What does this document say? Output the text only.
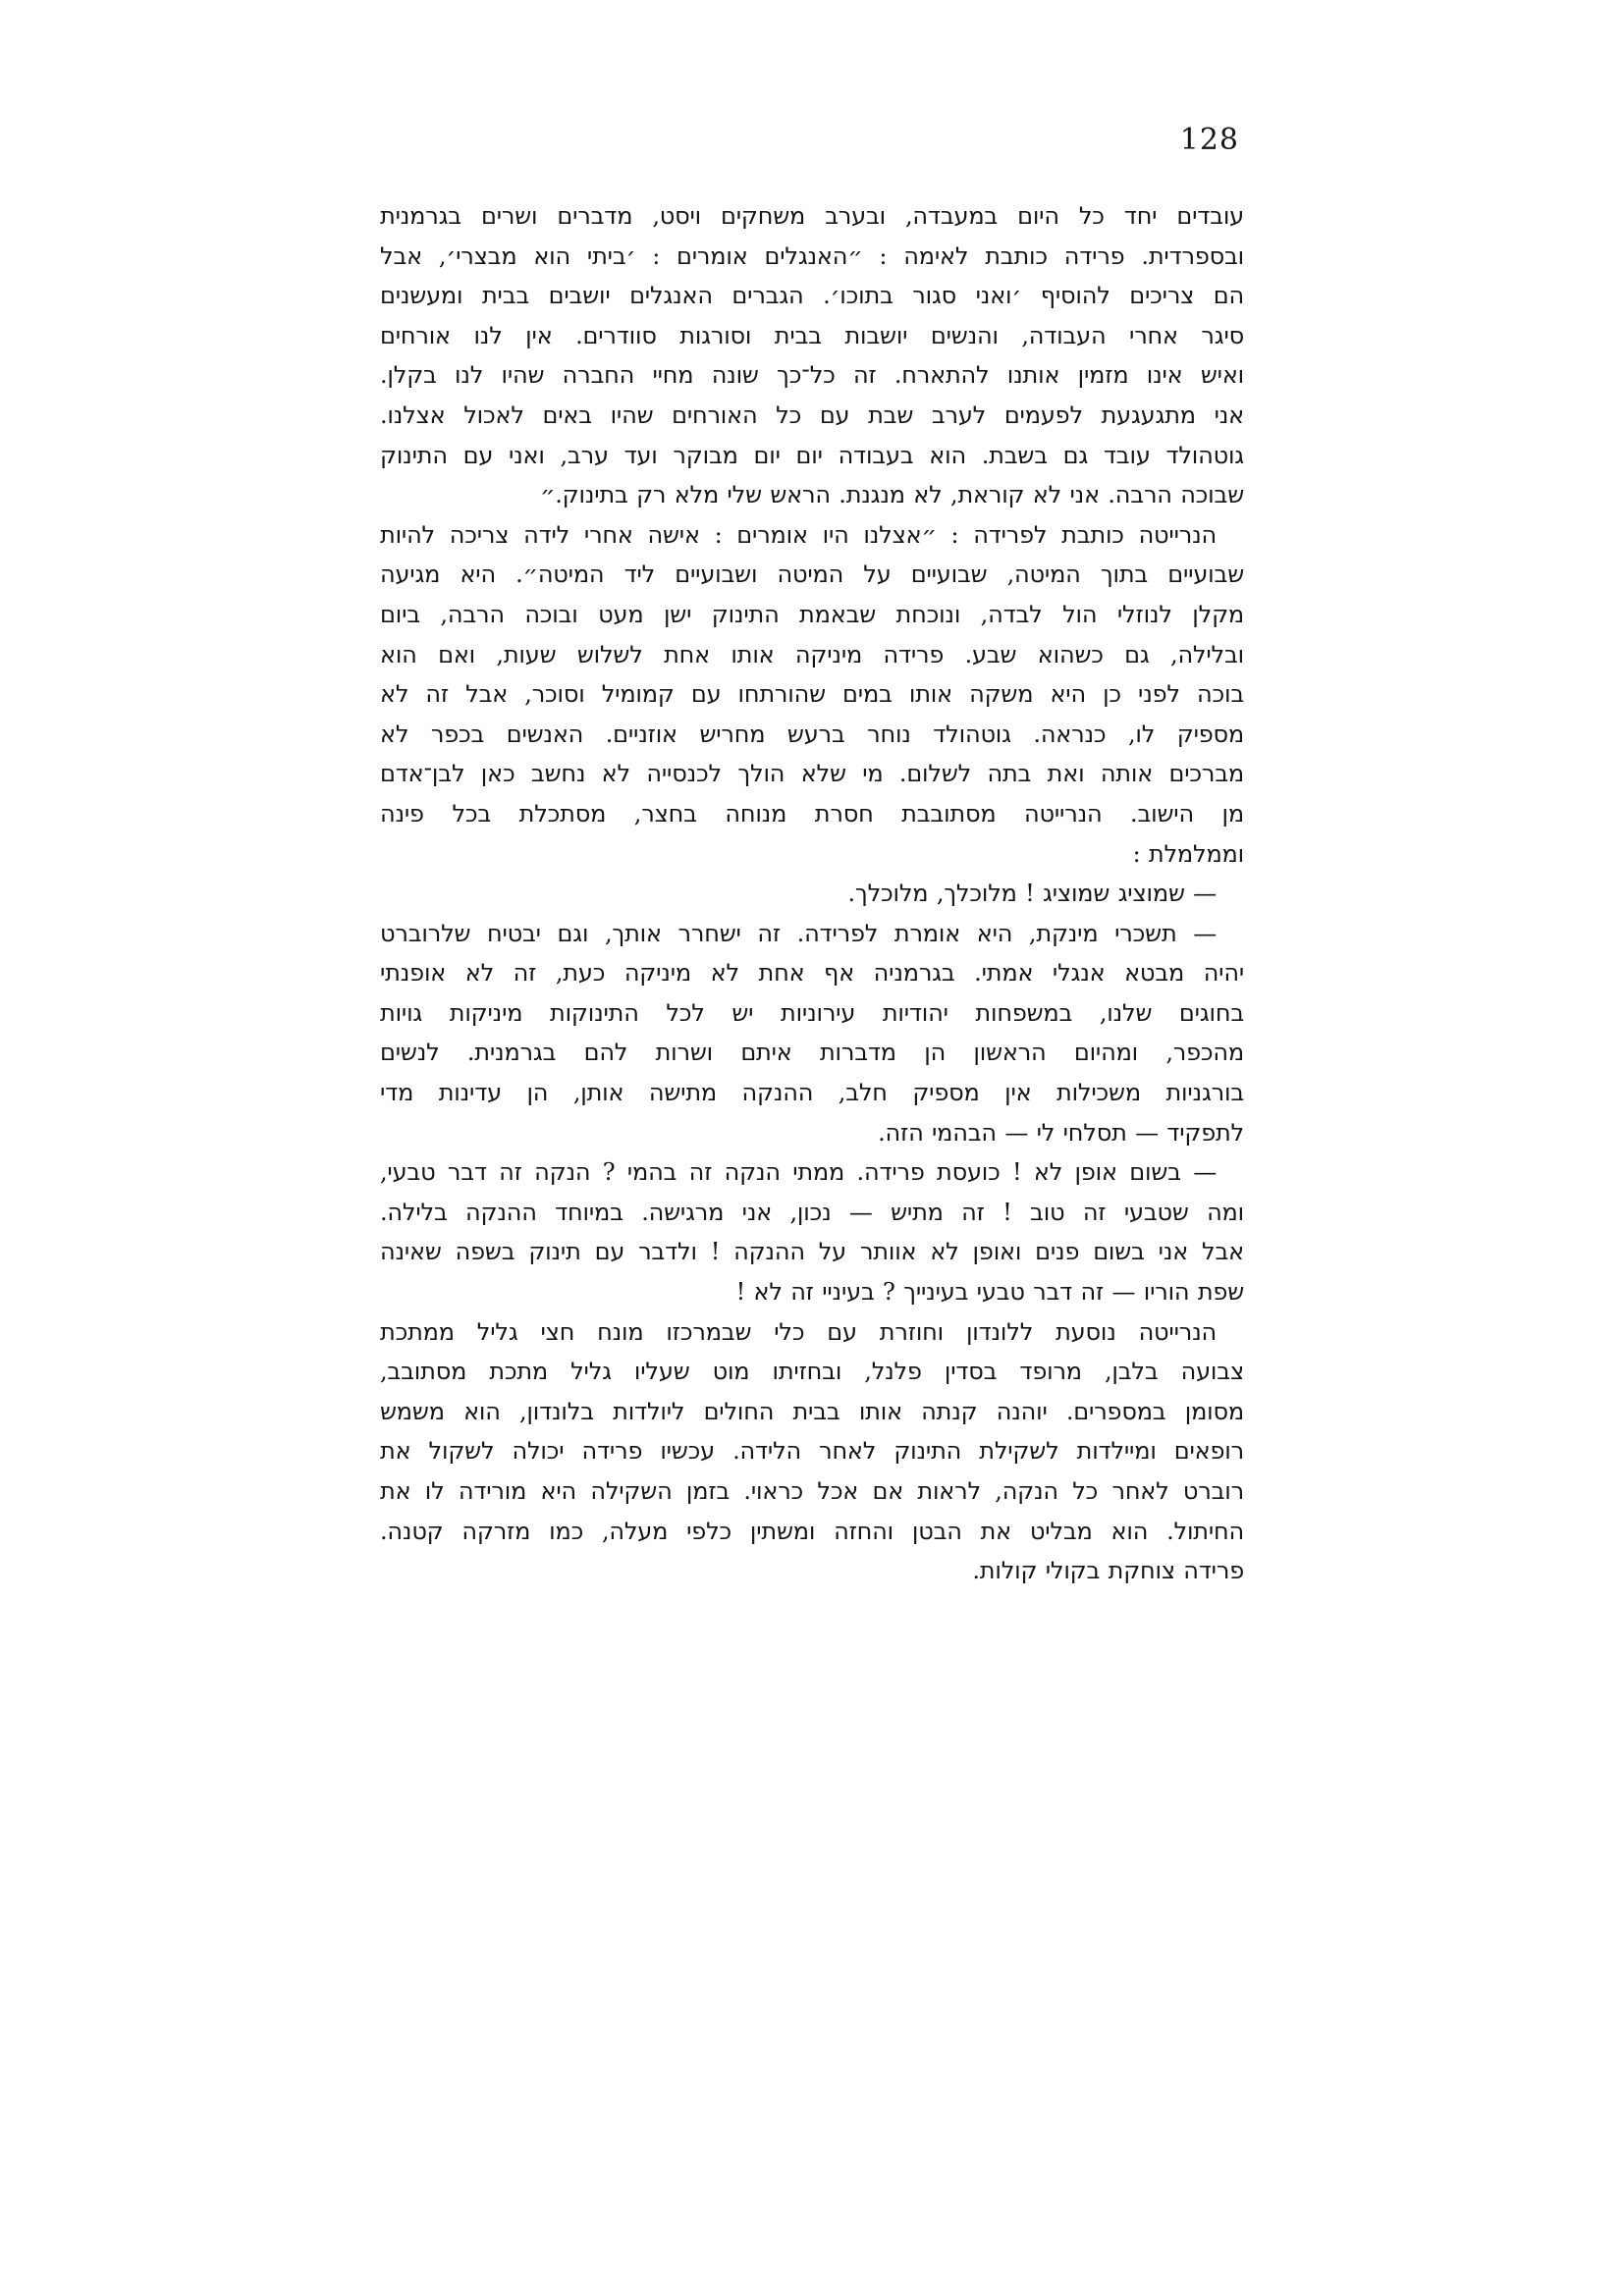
128
עובדים יחד כל היום במעבדה, ובערב משחקים ויסט, מדברים ושרים בגרמנית
ובספרדית. פרידה כותבת לאימה : ״האנגלים אומרים : ׳ביתי הוא מבצרי׳, אבל
הם צריכים להוסיף ׳ואני סגור בתוכו׳. הגברים האנגלים יושבים בבית ומעשנים
סיגר אחרי העבודה, והנשים יושבות בבית וסורגות סוודרים. אין לנו אורחים
ואיש אינו מזמין אותנו להתארח. זה כל־כך שונה מחיי החברה שהיו לנו בקלן.
אני מתגעגעת לפעמים לערב שבת עם כל האורחים שהיו באים לאכול אצלנו.
גוטהולד עובד גם בשבת. הוא בעבודה יום יום מבוקר ועד ערב, ואני עם התינוק
שבוכה הרבה. אני לא קוראת, לא מנגנת. הראש שלי מלא רק בתינוק.״
הנרייטה כותבת לפרידה : ״אצלנו היו אומרים : אישה אחרי לידה צריכה להיות
שבועיים בתוך המיטה, שבועיים על המיטה ושבועיים ליד המיטה״. היא מגיעה
מקלן לנוזלי הול לבדה, ונוכחת שבאמת התינוק ישן מעט ובוכה הרבה, ביום
ובלילה, גם כשהוא שבע. פרידה מיניקה אותו אחת לשלוש שעות, ואם הוא
בוכה לפני כן היא משקה אותו במים שהורתחו עם קמומיל וסוכר, אבל זה לא
מספיק לו, כנראה. גוטהולד נוחר ברעש מחריש אוזניים. האנשים בכפר לא
מברכים אותה ואת בתה לשלום. מי שלא הולך לכנסייה לא נחשב כאן לבן־אדם
מן הישוב. הנרייטה מסתובבת חסרת מנוחה בחצר, מסתכלת בכל פינה
וממלמלת :
— שמוציג שמוציג ! מלוכלך, מלוכלך.
— תשכרי מינקת, היא אומרת לפרידה. זה ישחרר אותך, וגם יבטיח שלרוברט
יהיה מבטא אנגלי אמתי. בגרמניה אף אחת לא מיניקה כעת, זה לא אופנתי
בחוגים שלנו, במשפחות יהודיות עירוניות יש לכל התינוקות מיניקות גויות
מהכפר, ומהיום הראשון הן מדברות איתם ושרות להם בגרמנית. לנשים
בורגניות משכילות אין מספיק חלב, ההנקה מתישה אותן, הן עדינות מדי
לתפקיד — תסלחי לי — הבהמי הזה.
— בשום אופן לא ! כועסת פרידה. ממתי הנקה זה בהמי ? הנקה זה דבר טבעי,
ומה שטבעי זה טוב ! זה מתיש — נכון, אני מרגישה. במיוחד ההנקה בלילה.
אבל אני בשום פנים ואופן לא אוותר על ההנקה ! ולדבר עם תינוק בשפה שאינה
שפת הוריו — זה דבר טבעי בעינייך ? בעיניי זה לא !
הנרייטה נוסעת ללונדון וחוזרת עם כלי שבמרכזו מונח חצי גליל ממתכת
צבועה בלבן, מרופד בסדין פלנל, ובחזיתו מוט שעליו גליל מתכת מסתובב,
מסומן במספרים. יוהנה קנתה אותו בבית החולים ליולדות בלונדון, הוא משמש
רופאים ומיילדות לשקילת התינוק לאחר הלידה. עכשיו פרידה יכולה לשקול את
רוברט לאחר כל הנקה, לראות אם אכל כראוי. בזמן השקילה היא מורידה לו את
החיתול. הוא מבליט את הבטן והחזה ומשתין כלפי מעלה, כמו מזרקה קטנה.
פרידה צוחקת בקולי קולות.
